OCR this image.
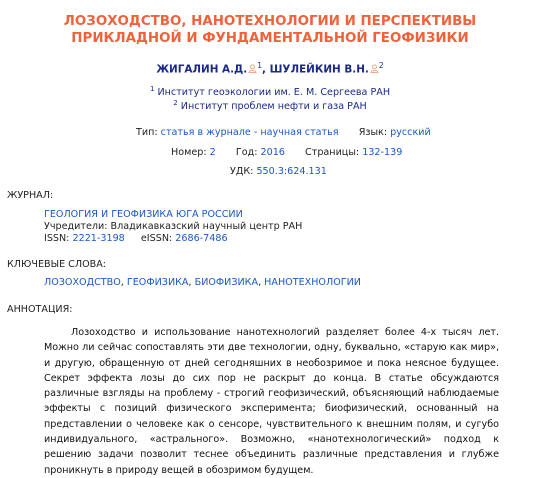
ЛОЗОХОДСТВО, НАНОТЕХНОЛОГИИ И ПЕРСПЕКТИВЫ ПРИКЛАДНОЙ И ФУНДАМЕНТАЛЬНОЙ ГЕОФИЗИКИ
ЖИГАЛИН А.Д. $^1$, ШУЛЕЙКИН В.Н. $^2$
$^1$ Институт геоэкологии им. Е. М. Сергеева РАН
$^2$ Институт проблем нефти и газа РАН
Тип: статья в журнале - научная статья Язык: русский
Номер: 2 Год: 2016 Страницы: 132-139
УДК: 550.3:624.131
ЖУРНАЛ:
ГЕОЛОГИЯ И ГЕОФИЗИКА ЮГА РОССИИ
Учредители: Владикавказский научный центр РАН
ISSN: 2221-3198 eISSN: 2686-7486
КЛЮЧЕВЫЕ СЛОВА:
ЛОЗОХОДСТВО, ГЕОФИЗИКА, БИОФИЗИКА, НАНОТЕХНОЛОГИИ
АННОТАЦИЯ:
Лозоходство и использование нанотехнологий разделяет более 4-х тысяч лет. Можно ли сейчас сопоставлять эти две технологии, одну, буквально, «старую как мир», и другую, обращенную от дней сегодняшних в необозримое и пока неясное будущее. Секрет эффекта лозы до сих пор не раскрыт до конца. В статье обсуждаются различные взгляды на проблему - строгий геофизический, объясняющий наблюдаемые эффекты с позиций физического эксперимента; биофизический, основанный на представлении о человеке как о сенсоре, чувствительного к внешним полям, и сугубо индивидуального, «астрального». Возможно, «нанотехнологический» подход к решению задачи позволит теснее объединить различные представления и глубже проникнуть в природу вещей в обозримом будущем.
